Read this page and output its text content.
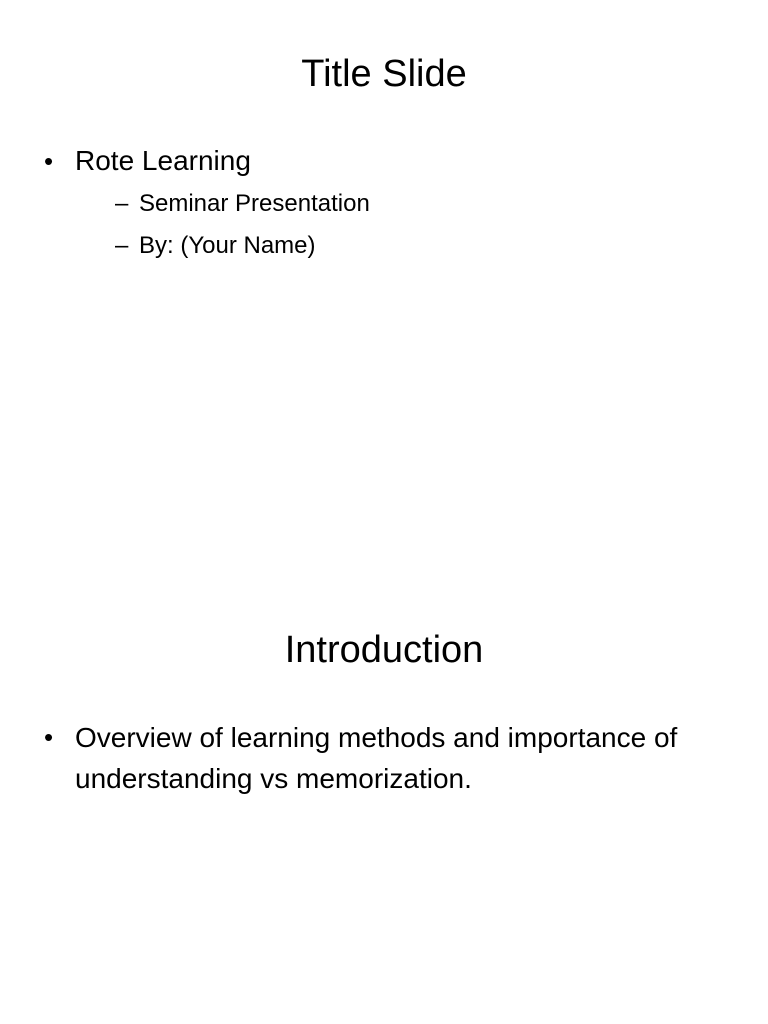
Title Slide
• Rote Learning
– Seminar Presentation
– By: (Your Name)
Introduction
• Overview of learning methods and importance of understanding vs memorization.
